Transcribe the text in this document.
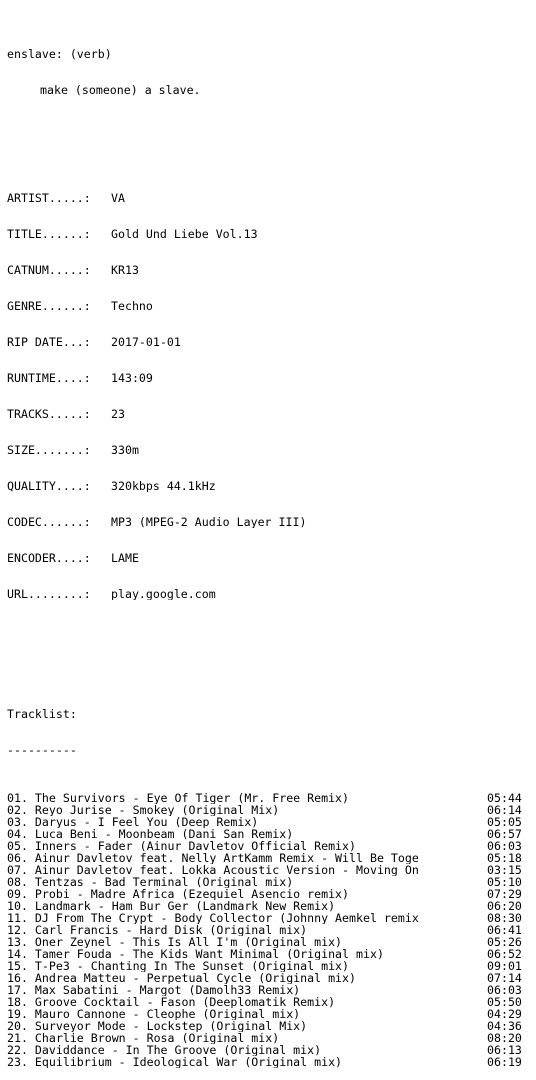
enslave: (verb)

make (someone) a slave.

ARTIST.....:	VA

TITLE......:	Gold Und Liebe Vol.13

CATNUM.....:	KR13

GENRE......:	Techno

RIP DATE...:	2017-01-01

RUNTIME....:	143:09

TRACKS.....:	23

SIZE.......:	330m

QUALITY....:	320kbps 44.1kHz

CODEC......:	MP3 (MPEG-2 Audio Layer III)

ENCODER....:	LAME

URL........:	play.google.com

Tracklist:

----------

01. The Survivors - Eye Of Tiger (Mr. Free Remix)	05:44
02. Reyo Jurise - Smokey (Original Mix)	06:14
03. Daryus - I Feel You (Deep Remix)	05:05
04. Luca Beni - Moonbeam (Dani San Remix)	06:57
05. Inners - Fader (Ainur Davletov Official Remix)	06:03
06. Ainur Davletov feat. Nelly ArtKamm Remix - Will Be Toge	05:18
07. Ainur Davletov feat. Lokka Acoustic Version - Moving On	03:15
08. Tentzas - Bad Terminal (Original mix)	05:10
09. Probi - Madre Africa (Ezequiel Asencio remix)	07:29
10. Landmark - Ham Bur Ger (Landmark New Remix)	06:20
11. DJ From The Crypt - Body Collector (Johnny Aemkel remix	08:30
12. Carl Francis - Hard Disk (Original mix)	06:41
13. Oner Zeynel - This Is All I'm (Original mix)	05:26
14. Tamer Fouda - The Kids Want Minimal (Original mix)	06:52
15. T-Pe3 - Chanting In The Sunset (Original mix)	09:01
16. Andrea Matteu - Perpetual Cycle (Original mix)	07:14
17. Max Sabatini - Margot (Damolh33 Remix)	06:03
18. Groove Cocktail - Fason (Deeplomatik Remix)	05:50
19. Mauro Cannone - Cleophe (Original mix)	04:29
20. Surveyor Mode - Lockstep (Original Mix)	04:36
21. Charlie Brown - Rosa (Original mix)	08:20
22. Daviddance - In The Groove (Original mix)	06:13
23. Equilibrium - Ideological War (Original mix)	06:19
